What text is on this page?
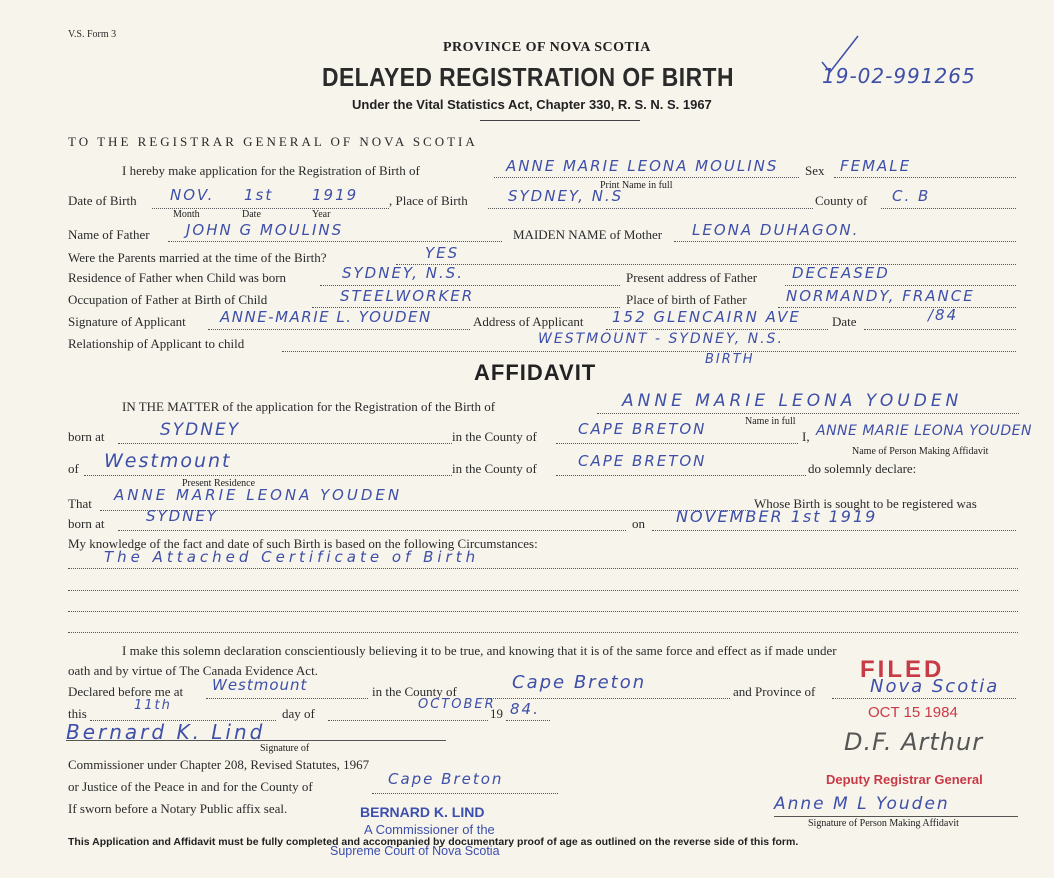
V.S. Form 3
PROVINCE OF NOVA SCOTIA
DELAYED REGISTRATION OF BIRTH
Under the Vital Statistics Act, Chapter 330, R. S. N. S. 1967
19-02-991265
TO THE REGISTRAR GENERAL OF NOVA SCOTIA
I hereby make application for the Registration of Birth of	ANNE MARIE LEONA MOULINS
Print Name in full
Sex FEMALE
Date of Birth NOV. 1st	1919
Month	Date	Year
, Place of Birth	SYDNEY, N.S	County of C. B
Name of Father JOHN G MOULINS	MAIDEN NAME of Mother LEONA DUHAGON.
Were the Parents married at the time of the Birth?	YES
Residence of Father when Child was born	SYDNEY, N.S.	Present address of Father DECEASED
Occupation of Father at Birth of Child	STEELWORKER	Place of birth of Father	NORMANDY, FRANCE
Signature of Applicant ANNE-MARIE L. YOUDEN	Address of Applicant 152 GLENCAIRN AVE Date	/84
Relationship of Applicant to child	WESTMOUNT - SYDNEY, N.S.
BIRTH
AFFIDAVIT
IN THE MATTER of the application for the Registration of the Birth of	ANNE MARIE LEONA YOUDEN
Name in full
born at	SYDNEY	in the County of	CAPE BRETON	I, ANNE MARIE LEONA YOUDEN
Name of Person Making Affidavit
of Westmount
Present Residence
in the County of	CAPE BRETON	do solemnly declare:
That ANNE MARIE LEONA YOUDEN	Whose Birth is sought to be registered was
born at	SYDNEY	on NOVEMBER 1st 1919
My knowledge of the fact and date of such Birth is based on the following Circumstances:
The Attached Certificate of Birth
I make this solemn declaration conscientiously believing it to be true, and knowing that it is of the same force and effect as if made under
oath and by virtue of The Canada Evidence Act.
Declared before me at Westmount	in the County of	Cape Breton	and Province of	Nova Scotia
this
11th
day of
OCTOBER
19 84.
Bernard K. Lind
Signature of
Commissioner under Chapter 208, Revised Statutes, 1967
or Justice of the Peace in and for the County of	Cape Breton
If sworn before a Notary Public affix seal.	BERNARD K. LIND
A Commissioner of the
Supreme Court of Nova Scotia
FILED
OCT 15 1984
D.F. Arthur
Deputy Registrar General
Anne M L Youden
Signature of Person Making Affidavit
This Application and Affidavit must be fully completed and accompanied by documentary proof of age as outlined on the reverse side of this form.
